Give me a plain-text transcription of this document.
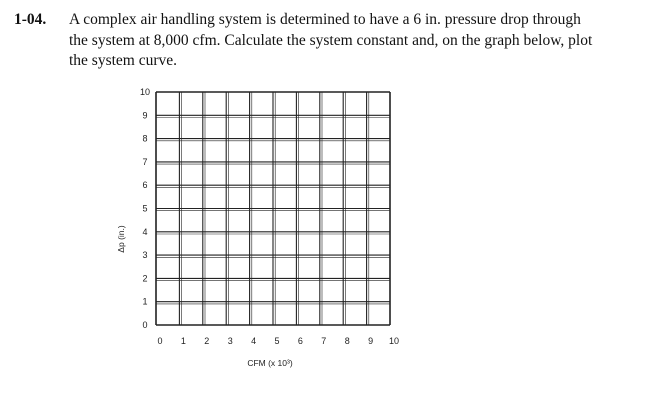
1-04. A complex air handling system is determined to have a 6 in. pressure drop through
the system at 8,000 cfm. Calculate the system constant and, on the graph below, plot
the system curve.
0 1 2 3 4 5 6 7 8 9 10
0
1
2
3
4
5
6
7
8
9
10
CFM (x 10³)
Δp (in.)
